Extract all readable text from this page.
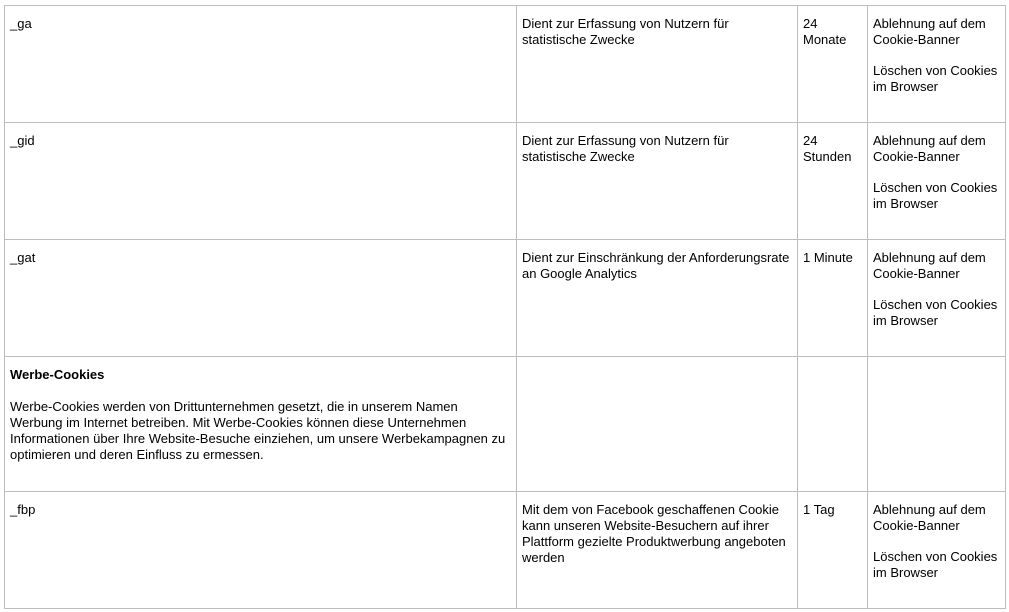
_ga	Dient zur Erfassung von Nutzern für statistische Zwecke	24 Monate	Ablehnung auf dem Cookie-Banner
Löschen von Cookies im Browser

_gid	Dient zur Erfassung von Nutzern für statistische Zwecke	24 Stunden	Ablehnung auf dem Cookie-Banner
Löschen von Cookies im Browser

_gat	Dient zur Einschränkung der Anforderungsrate an Google Analytics	1 Minute	Ablehnung auf dem Cookie-Banner
Löschen von Cookies im Browser

Werbe-Cookies
Werbe-Cookies werden von Drittunternehmen gesetzt, die in unserem Namen Werbung im Internet betreiben. Mit Werbe-Cookies können diese Unternehmen Informationen über Ihre Website-Besuche einziehen, um unsere Werbekampagnen zu optimieren und deren Einfluss zu ermessen.			

_fbp	Mit dem von Facebook geschaffenen Cookie kann unseren Website-Besuchern auf ihrer Plattform gezielte Produktwerbung angeboten werden	1 Tag	Ablehnung auf dem Cookie-Banner
Löschen von Cookies im Browser
